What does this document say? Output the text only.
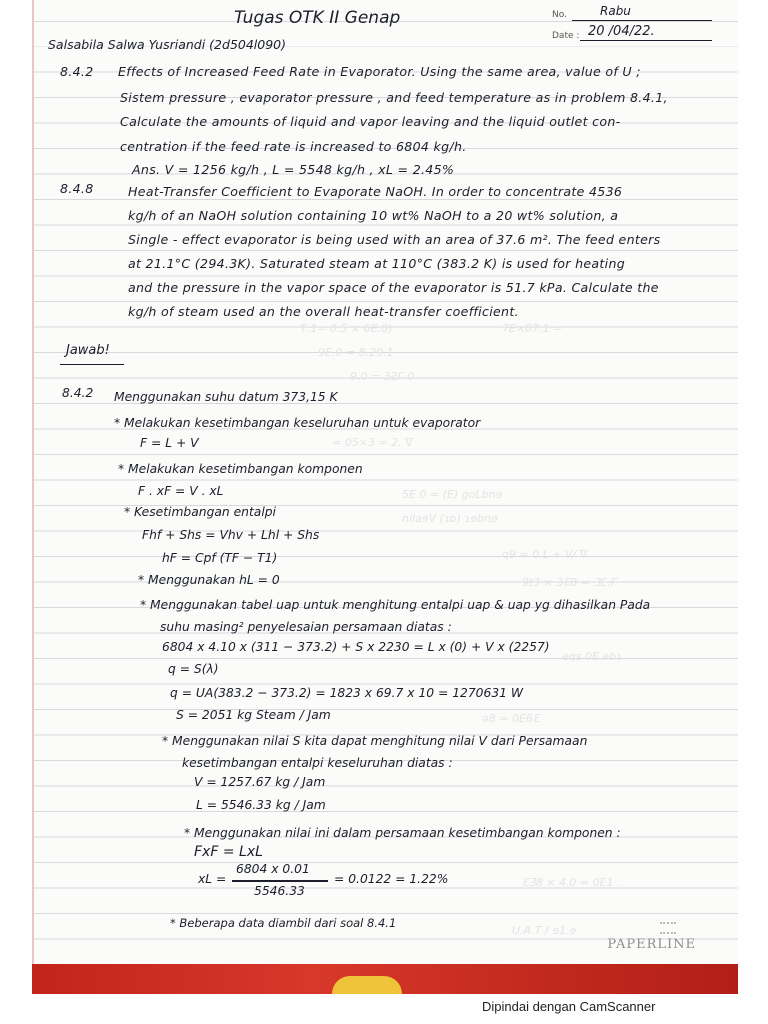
Ƭ.1= 0.5 × 6E.0)
9E.0 = 8.29.1
9.0 = 3ƧΓ.0
7E×07.1 =
= 05×3 = 2. ∇
5E.0 = (E) goLbnɘ
nilaɘV (ɿɒ) ɿɘbnɘ
q9 = 0.L + V/ ∇
9t3 × 3Ɛ8 = ƎE.Γ
eqs 0E ɘbɿ
ǝ8 = 0E6Ɛ
ƐƎ8 × 4.0 = 0E1 .
U.A.T / ɘ1.ɘ
Tugas OTK II Genap	No.	Rabu
Date : 20 /04/22.
Salsabila Salwa Yusriandi (2d504l090)
8.4.2 Effects of Increased Feed Rate in Evaporator. Using the same area, value of U ;
Sistem pressure , evaporator pressure , and feed temperature as in problem 8.4.1,
Calculate the amounts of liquid and vapor leaving and the liquid outlet con-
centration if the feed rate is increased to 6804 kg/h.
Ans. V = 1256 kg/h , L = 5548 kg/h , xL = 2.45%
8.4.8	Heat-Transfer Coefficient to Evaporate NaOH. In order to concentrate 4536
kg/h of an NaOH solution containing 10 wt% NaOH to a 20 wt% solution, a
Single - effect evaporator is being used with an area of 37.6 m². The feed enters
at 21.1°C (294.3K). Saturated steam at 110°C (383.2 K) is used for heating
and the pressure in the vapor space of the evaporator is 51.7 kPa. Calculate the
kg/h of steam used an the overall heat-transfer coefficient.
Jawab!
8.4.2 Menggunakan suhu datum 373,15 K
* Melakukan kesetimbangan keseluruhan untuk evaporator
F = L + V
* Melakukan kesetimbangan komponen
F . xF = V . xL
* Kesetimbangan entalpi
Fhf + Shs = Vhv + Lhl + Shs
hF = Cpf (TF − T1)
* Menggunakan hL = 0
* Menggunakan tabel uap untuk menghitung entalpi uap & uap yg dihasilkan Pada
suhu masing² penyelesaian persamaan diatas :
6804 x 4.10 x (311 − 373.2) + S x 2230 = L x (0) + V x (2257)
q = S(λ)
q = UA(383.2 − 373.2) = 1823 x 69.7 x 10 = 1270631 W
S = 2051 kg Steam / Jam
* Menggunakan nilai S kita dapat menghitung nilai V dari Persamaan
kesetimbangan entalpi keseluruhan diatas :
V = 1257.67 kg / Jam
L = 5546.33 kg / Jam
* Menggunakan nilai ini dalam persamaan kesetimbangan komponen :
FxF = LxL
xL =
6804 x 0.01
5546.33
= 0.0122 = 1.22%
* Beberapa data diambil dari soal 8.4.1
PAPERLINE
Dipindai dengan CamScanner
